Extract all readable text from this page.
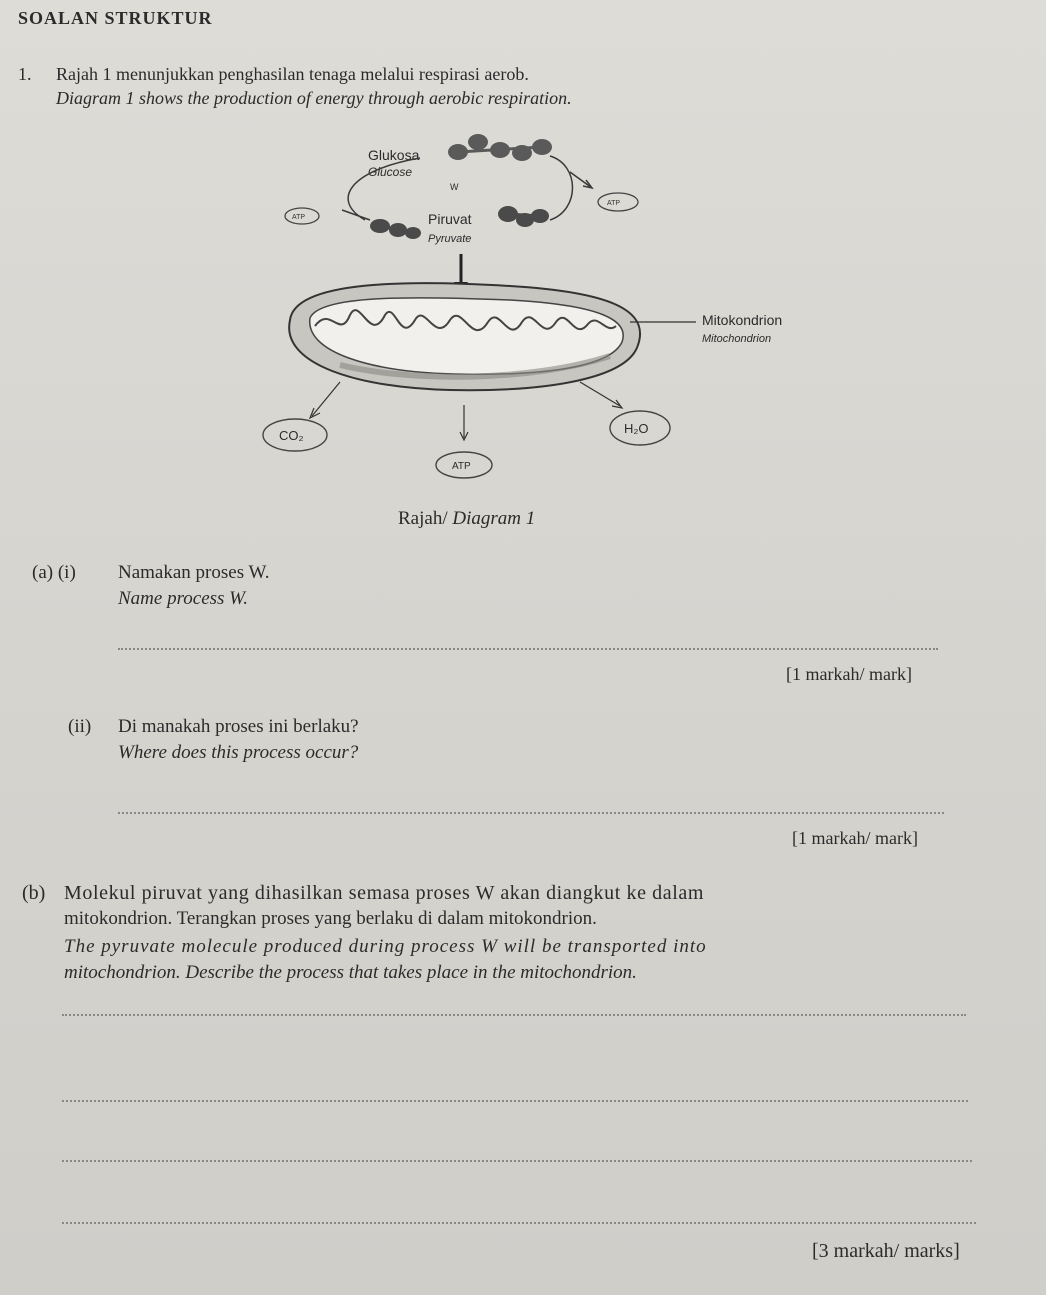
SOALAN STRUKTUR
1. Rajah 1 menunjukkan penghasilan tenaga melalui respirasi aerob.
Diagram 1 shows the production of energy through aerobic respiration.
Glukosa
Glucose
W
ATP
ATP
Piruvat
Pyruvate
Mitokondrion
Mitochondrion
CO₂	H₂O
ATP
Rajah/ Diagram 1
(a) (i) Namakan proses W.
Name process W.
[1 markah/ mark]
(ii) Di manakah proses ini berlaku?
Where does this process occur?
[1 markah/ mark]
(b) Molekul piruvat yang dihasilkan semasa proses W akan diangkut ke dalam
mitokondrion. Terangkan proses yang berlaku di dalam mitokondrion.
The pyruvate molecule produced during process W will be transported into
mitochondrion. Describe the process that takes place in the mitochondrion.
[3 markah/ marks]
